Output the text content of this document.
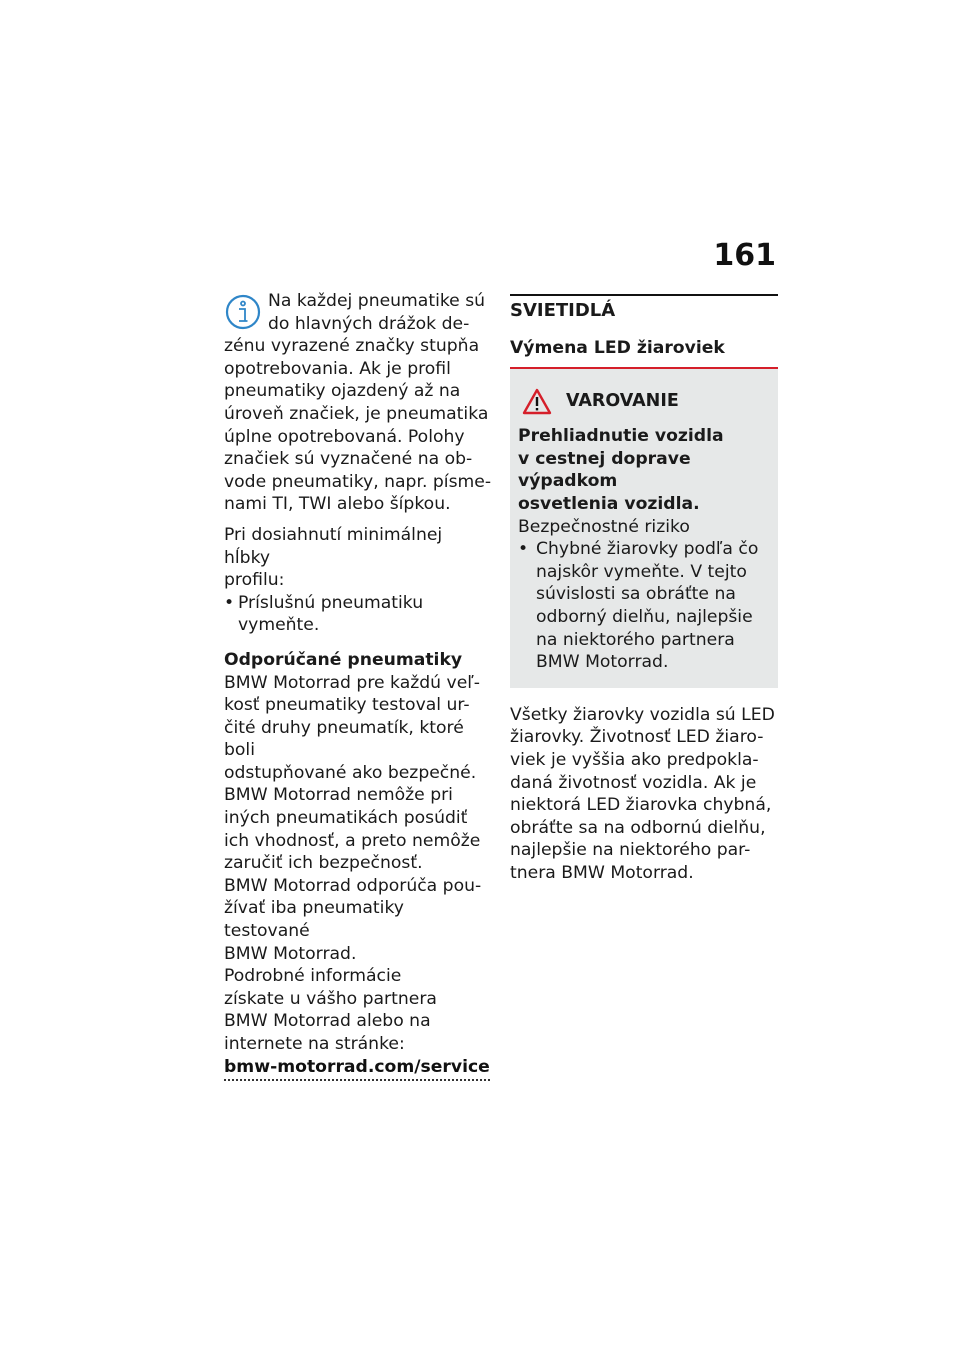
161

Na každej pneumatike sú

do hlavných drážok de-

zénu vyrazené značky stupňa

opotrebovania. Ak je profil

pneumatiky ojazdený až na

úroveň značiek, je pneumatika

úplne opotrebovaná. Polohy

značiek sú vyznačené na ob-

vode pneumatiky, napr. písme-

nami TI, TWI alebo šípkou.

Pri dosiahnutí minimálnej hĺbky

profilu:

• Príslušnú pneumatiku vymeňte.

Odporúčané pneumatiky

BMW Motorrad pre každú veľ-

kosť pneumatiky testoval ur-

čité druhy pneumatík, ktoré boli

odstupňované ako bezpečné.

BMW Motorrad nemôže pri

iných pneumatikách posúdiť

ich vhodnosť, a preto nemôže

zaručiť ich bezpečnosť.

BMW Motorrad odporúča pou-

žívať iba pneumatiky testované

BMW Motorrad.

Podrobné informácie

získate u vášho partnera

BMW Motorrad alebo na

internete na stránke:

bmw-motorrad.com/service

SVIETIDLÁ

Výmena LED žiaroviek

VAROVANIE

Prehliadnutie vozidla

v cestnej doprave výpadkom

osvetlenia vozidla.

Bezpečnostné riziko

• Chybné žiarovky podľa čo najskôr vymeňte. V tejto súvislosti sa obráťte na odborný dielňu, najlepšie na niektorého partnera BMW Motorrad.

Všetky žiarovky vozidla sú LED

žiarovky. Životnosť LED žiaro-

viek je vyššia ako predpokla-

daná životnosť vozidla. Ak je

niektorá LED žiarovka chybná,

obráťte sa na odbornú dielňu,

najlepšie na niektorého par-

tnera BMW Motorrad.
